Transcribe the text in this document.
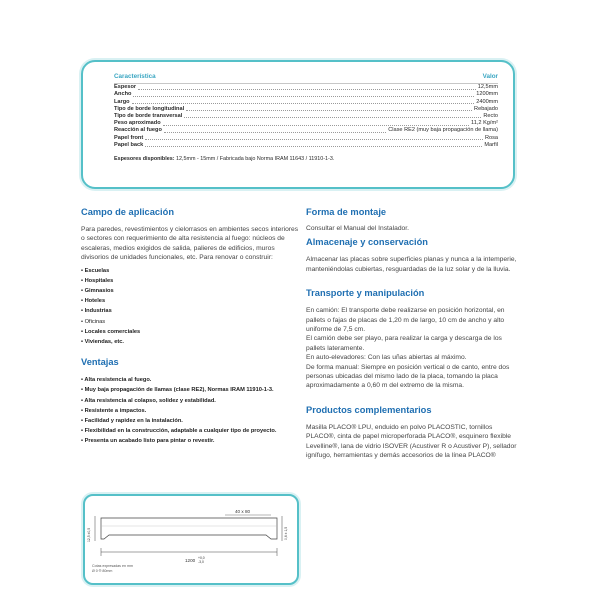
Característica	Valor
Espesor	12,5mm
Ancho	1200mm
Largo	2400mm
Tipo de borde longitudinal	Rebajado
Tipo de borde transversal	Recto
Peso aproximado	11,2 Kg/m²
Reacción al fuego	Clase RE2 (muy baja propagación de llama)
Papel front	Rosa
Papel back	Marfil
Espesores disponibles: 12,5mm - 15mm / Fabricada bajo Norma IRAM 11643 / 11910-1-3.
Campo de aplicación

Para paredes, revestimientos y cielorrasos en ambientes secos interiores o sectores con requerimiento de alta resistencia al fuego: núcleos de escaleras, medios exigidos de salida, palieres de edificios, muros divisorios de unidades funcionales, etc. Para renovar o construir:

• Escuelas
• Hospitales
• Gimnasios
• Hoteles
• Industrias
• Oficinas
• Locales comerciales
• Viviendas, etc.
Ventajas
• Alta resistencia al fuego.
• Muy baja propagación de llamas (clase RE2), Normas IRAM 11910-1-3.
• Alta resistencia al colapso, solidez y estabilidad.
• Resistente a impactos.
• Facilidad y rapidez en la instalación.
• Flexibilidad en la construcción, adaptable a cualquier tipo de proyecto.
• Presenta un acabado listo para pintar o revestir.
Forma de montaje

Consultar el Manual del Instalador.

Almacenaje y conservación

Almacenar las placas sobre superficies planas y nunca a la intemperie, manteniéndolas cubiertas, resguardadas de la luz solar y de la lluvia.

Transporte y manipulación

En camión: El transporte debe realizarse en posición horizontal, en pallets o fajas de placas de 1,20 m de largo, 10 cm de ancho y alto uniforme de 7,5 cm.

El camión debe ser playo, para realizar la carga y descarga de los pallets lateramente.

En auto-elevadores: Con las uñas abiertas al máximo.

De forma manual: Siempre en posición vertical o de canto, entre dos personas ubicadas del mismo lado de la placa, tomando la placa aproximadamente a 0,60 m del extremo de la misma.

Productos complementarios

Masilla PLACO® LPU, enduido en polvo PLACOSTIC, tornillos PLACO®, cinta de papel microperforada PLACO®, esquinero flexible Levelline®, lana de vidrio ISOVER (Acustiver R o Acustiver P), sellador ignífugo, herramientas y demás accesorios de la línea PLACO®

12,5 ±0,5	0,6 ± 1,5
40 x 80
1200 +0,0
-3,0
Cotas expresadas en mm
Ø 0 ® 80mm
